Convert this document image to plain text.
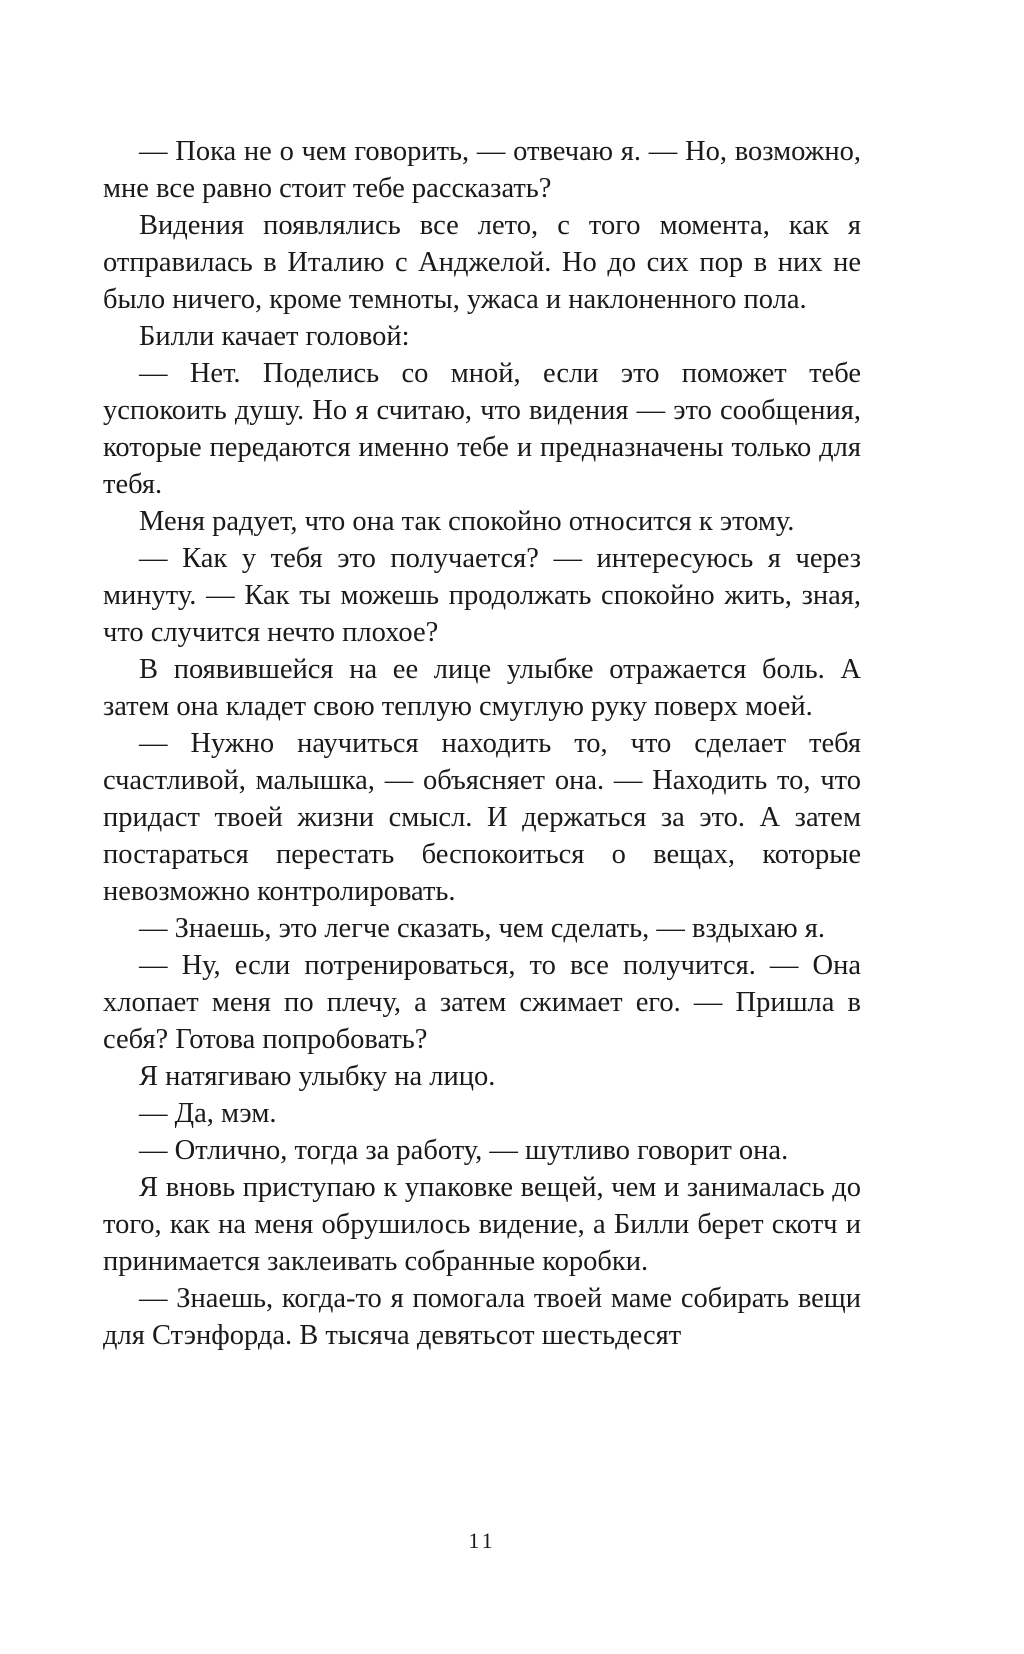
— Пока не о чем говорить, — отвечаю я. — Но, возможно, мне все равно стоит тебе рассказать?

Видения появлялись все лето, с того момента, как я отправилась в Италию с Анджелой. Но до сих пор в них не было ничего, кроме темноты, ужаса и наклоненного пола.

Билли качает головой:

— Нет. Поделись со мной, если это поможет тебе успокоить душу. Но я считаю, что видения — это сообщения, которые передаются именно тебе и предназначены только для тебя.

Меня радует, что она так спокойно относится к этому.

— Как у тебя это получается? — интересуюсь я через минуту. — Как ты можешь продолжать спокойно жить, зная, что случится нечто плохое?

В появившейся на ее лице улыбке отражается боль. А затем она кладет свою теплую смуглую руку поверх моей.

— Нужно научиться находить то, что сделает тебя счастливой, малышка, — объясняет она. — Находить то, что придаст твоей жизни смысл. И держаться за это. А затем постараться перестать беспокоиться о вещах, которые невозможно контролировать.

— Знаешь, это легче сказать, чем сделать, — вздыхаю я.

— Ну, если потренироваться, то все получится. — Она хлопает меня по плечу, а затем сжимает его. — Пришла в себя? Готова попробовать?

Я натягиваю улыбку на лицо.

— Да, мэм.

— Отлично, тогда за работу, — шутливо говорит она.

Я вновь приступаю к упаковке вещей, чем и занималась до того, как на меня обрушилось видение, а Билли берет скотч и принимается заклеивать собранные коробки.

— Знаешь, когда-то я помогала твоей маме собирать вещи для Стэнфорда. В тысяча девятьсот шестьдесят

11
